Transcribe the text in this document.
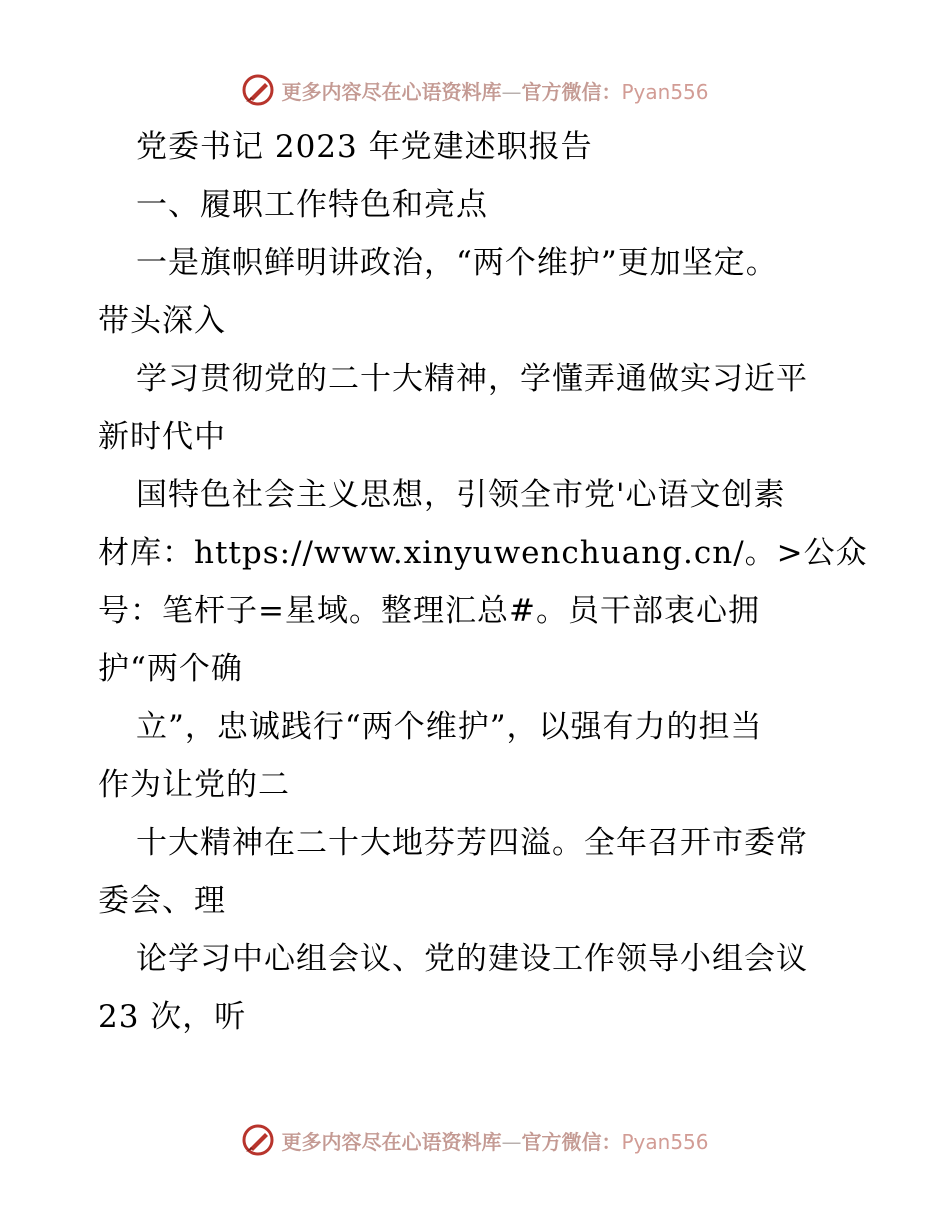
更多内容尽在心语资料库—官方微信：Pyan556
党委书记 2023 年党建述职报告
一、履职工作特色和亮点
一是旗帜鲜明讲政治，“两个维护”更加坚定。
带头深入
学习贯彻党的二十大精神，学懂弄通做实习近平
新时代中
国特色社会主义思想，引领全市党'心语文创素
材库：https://www.xinyuwenchuang.cn/。>公众
号：笔杆子=星域。整理汇总#。员干部衷心拥
护“两个确
立”，忠诚践行“两个维护”，以强有力的担当
作为让党的二
十大精神在二十大地芬芳四溢。全年召开市委常
委会、理
论学习中心组会议、党的建设工作领导小组会议
23 次，听
更多内容尽在心语资料库—官方微信：Pyan556
